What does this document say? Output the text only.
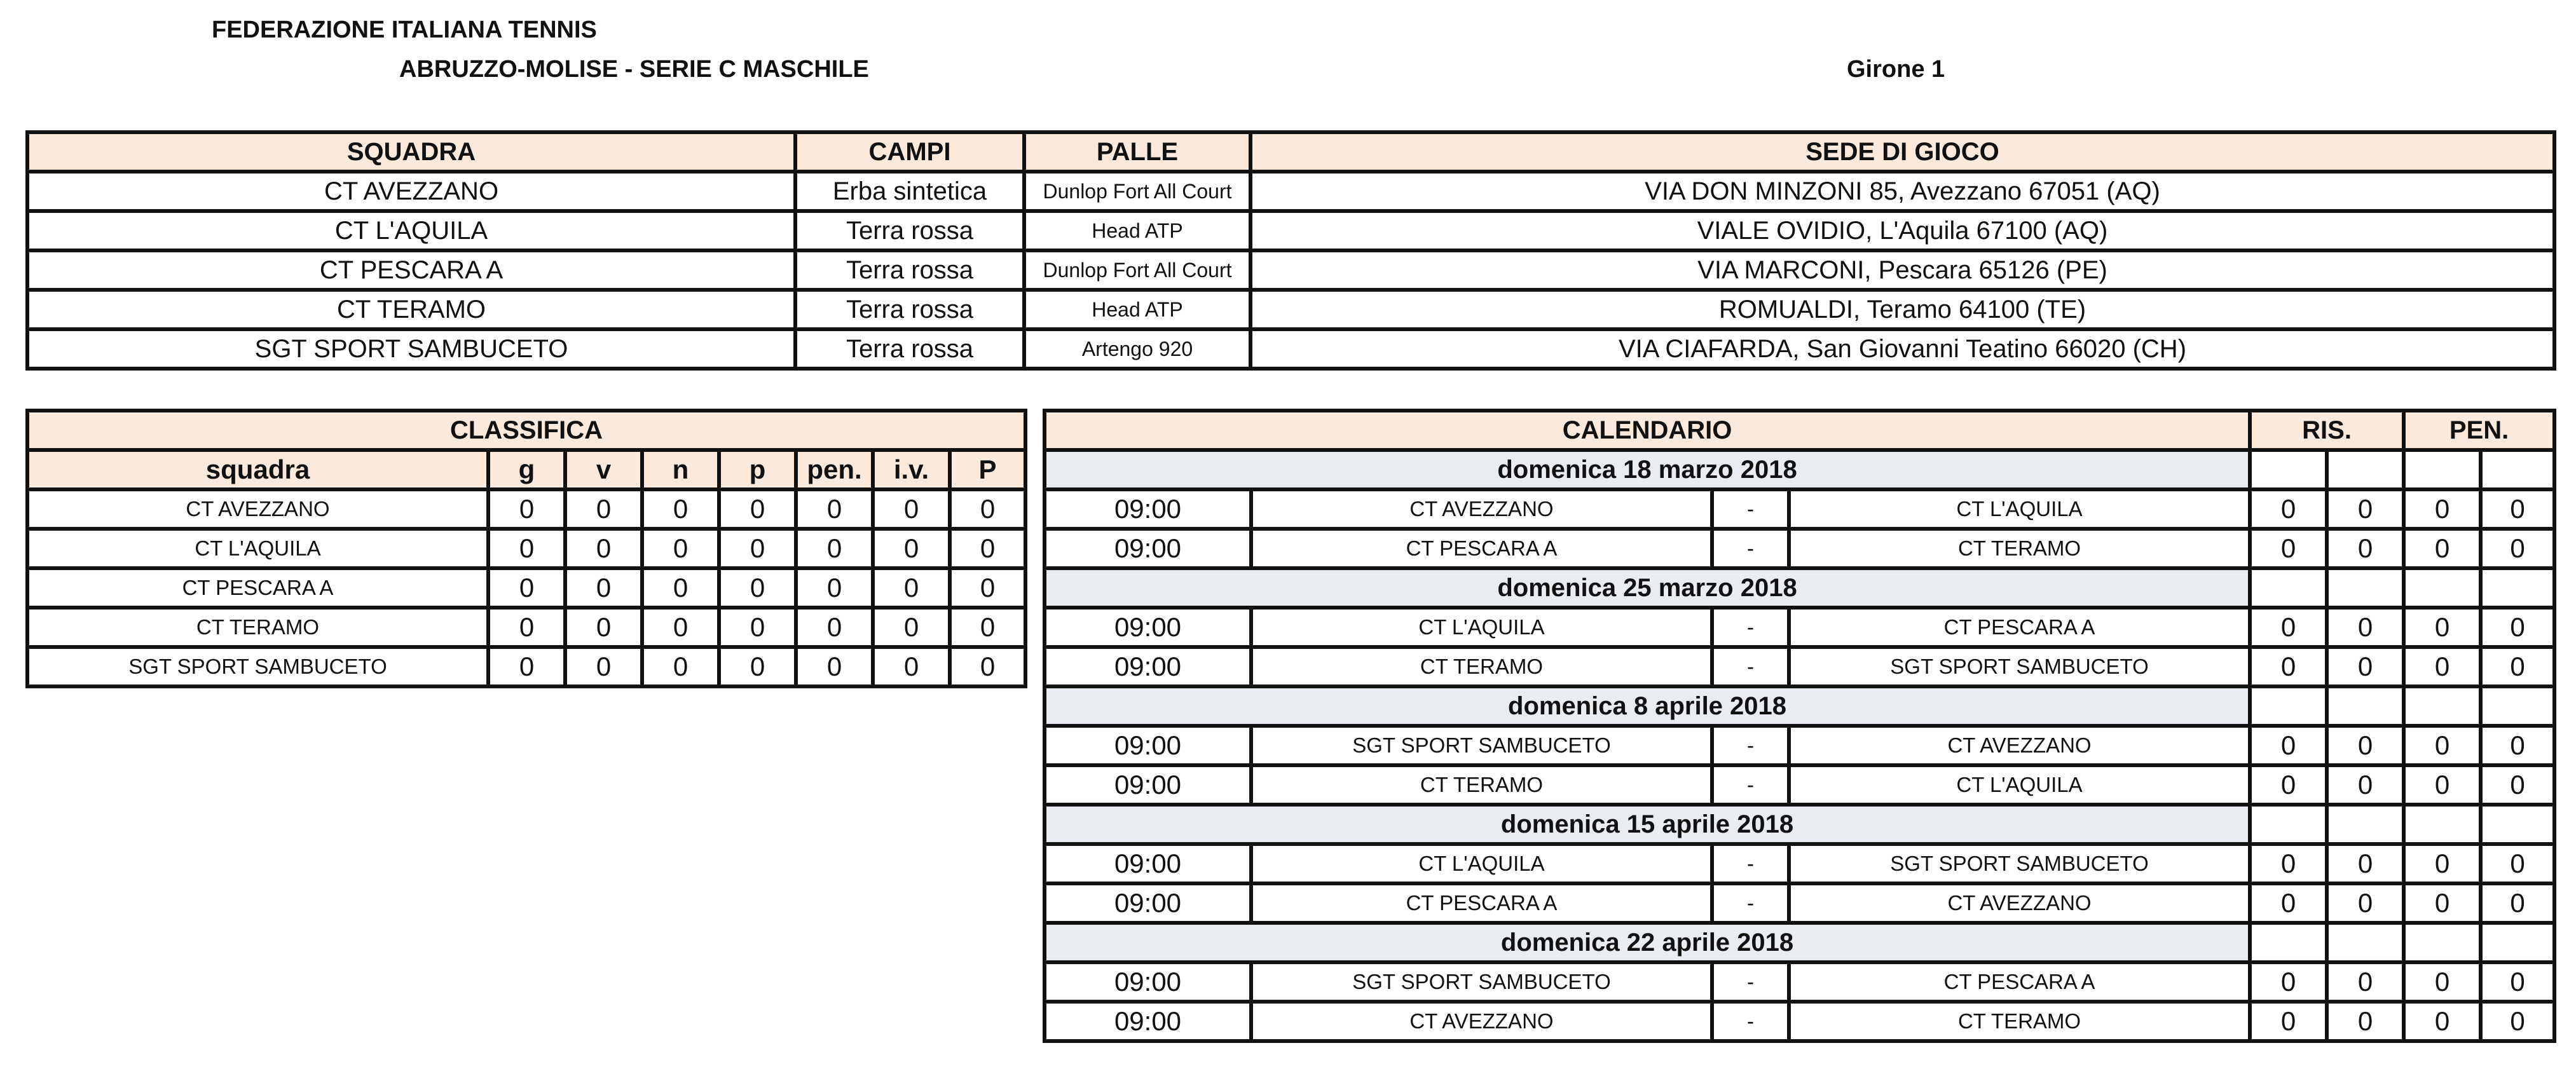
FEDERAZIONE ITALIANA TENNIS
ABRUZZO-MOLISE - SERIE C MASCHILE	Girone 1
SQUADRA	CAMPI	PALLE	SEDE DI GIOCO
CT AVEZZANO	Erba sintetica	Dunlop Fort All Court	VIA DON MINZONI 85, Avezzano 67051 (AQ)
CT L'AQUILA	Terra rossa	Head ATP	VIALE OVIDIO, L'Aquila 67100 (AQ)
CT PESCARA A	Terra rossa	Dunlop Fort All Court	VIA MARCONI, Pescara 65126 (PE)
CT TERAMO	Terra rossa	Head ATP	ROMUALDI, Teramo 64100 (TE)
SGT SPORT SAMBUCETO	Terra rossa	Artengo 920	VIA CIAFARDA, San Giovanni Teatino 66020 (CH)
CLASSIFICA							
squadra	g	v	n	p	pen.	i.v.	P
CT AVEZZANO	0	0	0	0	0	0	0
CT L'AQUILA	0	0	0	0	0	0	0
CT PESCARA A	0	0	0	0	0	0	0
CT TERAMO	0	0	0	0	0	0	0
SGT SPORT SAMBUCETO	0	0	0	0	0	0	0
CALENDARIO				RIS.		PEN.	
domenica 18 marzo 2018							
09:00	CT AVEZZANO	-	CT L'AQUILA	0	0	0	0
09:00	CT PESCARA A	-	CT TERAMO	0	0	0	0
domenica 25 marzo 2018							
09:00	CT L'AQUILA	-	CT PESCARA A	0	0	0	0
09:00	CT TERAMO	-	SGT SPORT SAMBUCETO	0	0	0	0
domenica 8 aprile 2018							
09:00	SGT SPORT SAMBUCETO	-	CT AVEZZANO	0	0	0	0
09:00	CT TERAMO	-	CT L'AQUILA	0	0	0	0
domenica 15 aprile 2018							
09:00	CT L'AQUILA	-	SGT SPORT SAMBUCETO	0	0	0	0
09:00	CT PESCARA A	-	CT AVEZZANO	0	0	0	0
domenica 22 aprile 2018							
09:00	SGT SPORT SAMBUCETO	-	CT PESCARA A	0	0	0	0
09:00	CT AVEZZANO	-	CT TERAMO	0	0	0	0
